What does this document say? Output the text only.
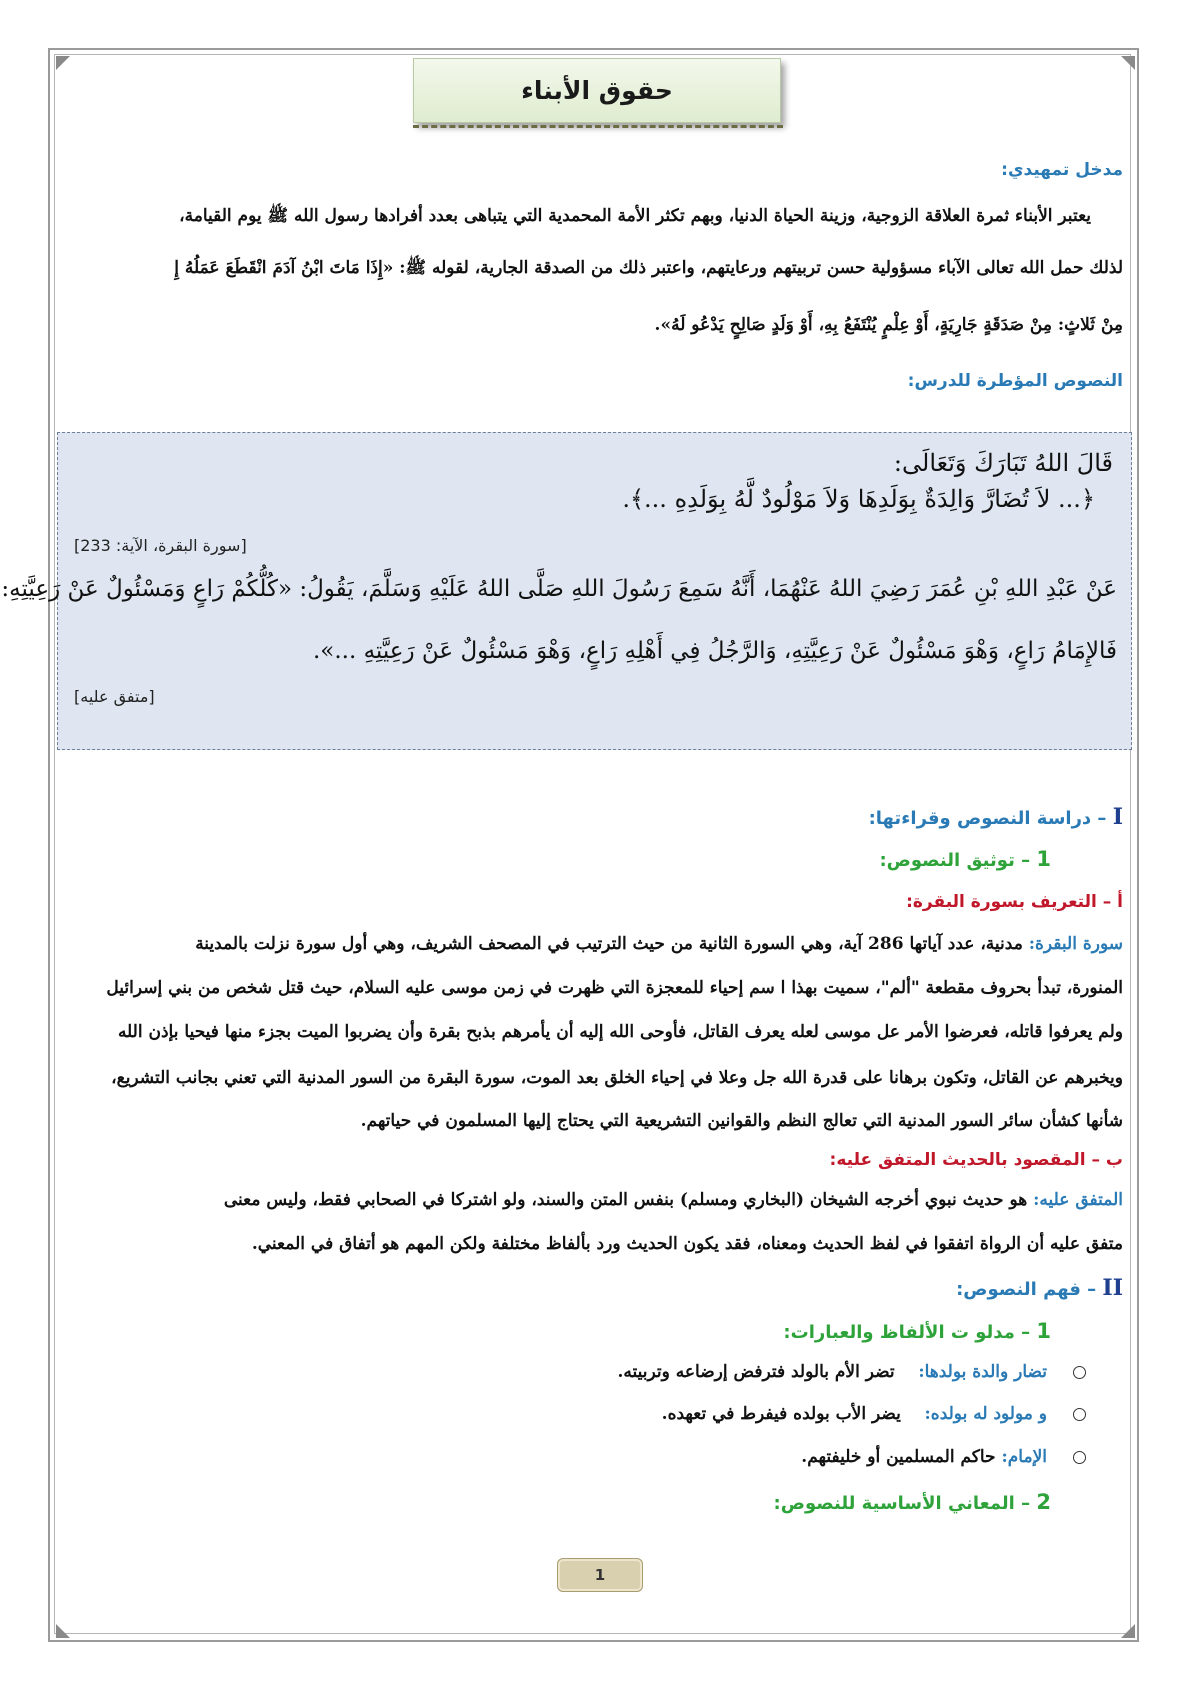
حقوق الأبناء
مدخل تمهيدي:
يعتبر الأبناء ثمرة العلاقة الزوجية، وزينة الحياة الدنيا، وبهم تكثر الأمة المحمدية التي يتباهى بعدد أفرادها رسول الله ﷺ يوم القيامة،
لذلك حمل الله تعالى الآباء مسؤولية حسن تربيتهم ورعايتهم، واعتبر ذلك من الصدقة الجارية، لقوله ﷺ: «إِذَا مَاتَ ابْنُ آدَمَ انْقَطَعَ عَمَلُهُ إِ
مِنْ ثَلاثٍ: مِنْ صَدَقَةٍ جَارِيَةٍ، أَوْ عِلْمٍ يُنْتَفَعُ بِهِ، أَوْ وَلَدٍ صَالِحٍ يَدْعُو لَهُ».
النصوص المؤطرة للدرس:
قَالَ اللهُ تَبَارَكَ وَتَعَالَى:
﴿... لاَ تُضَارَّ وَالِدَةٌ بِوَلَدِهَا وَلاَ مَوْلُودٌ لَّهُ بِوَلَدِهِ ...﴾.
[سورة البقرة، الآية: 233]
عَنْ عَبْدِ اللهِ بْنِ عُمَرَ رَضِيَ اللهُ عَنْهُمَا، أَنَّهُ سَمِعَ رَسُولَ اللهِ صَلَّى اللهُ عَلَيْهِ وَسَلَّمَ، يَقُولُ: «كُلُّكُمْ رَاعٍ وَمَسْئُولٌ عَنْ رَعِيَّتِهِ:
فَالإِمَامُ رَاعٍ، وَهْوَ مَسْئُولٌ عَنْ رَعِيَّتِهِ، وَالرَّجُلُ فِي أَهْلِهِ رَاعٍ، وَهْوَ مَسْئُولٌ عَنْ رَعِيَّتِهِ ...».
[متفق عليه]
I – دراسة النصوص وقراءتها:
1 – توثيق النصوص:
أ – التعريف بسورة البقرة:
سورة البقرة: مدنية، عدد آياتها 286 آية، وهي السورة الثانية من حيث الترتيب في المصحف الشريف، وهي أول سورة نزلت بالمدينة
المنورة، تبدأ بحروف مقطعة "ألم"، سميت بهذا ا سم إحياء للمعجزة التي ظهرت في زمن موسى عليه السلام، حيث قتل شخص من بني إسرائيل
ولم يعرفوا قاتله، فعرضوا الأمر عل موسى لعله يعرف القاتل، فأوحى الله إليه أن يأمرهم بذبح بقرة وأن يضربوا الميت بجزء منها فيحيا بإذن الله
ويخبرهم عن القاتل، وتكون برهانا على قدرة الله جل وعلا في إحياء الخلق بعد الموت، سورة البقرة من السور المدنية التي تعني بجانب التشريع،
شأنها كشأن سائر السور المدنية التي تعالج النظم والقوانين التشريعية التي يحتاج إليها المسلمون في حياتهم.
ب – المقصود بالحديث المتفق عليه:
المتفق عليه: هو حديث نبوي أخرجه الشيخان (البخاري ومسلم) بنفس المتن والسند، ولو اشتركا في الصحابي فقط، وليس معنى
متفق عليه أن الرواة اتفقوا في لفظ الحديث ومعناه، فقد يكون الحديث ورد بألفاظ مختلفة ولكن المهم هو أتفاق في المعني.
II – فهم النصوص:
1 – مدلو ت الألفاظ والعبارات:
تضار والدة بولدها:    تضر الأم بالولد فترفض إرضاعه وتربيته.
و مولود له بولده:    يضر الأب بولده فيفرط في تعهده.
الإمام: حاكم المسلمين أو خليفتهم.
2 – المعاني الأساسية للنصوص:
1
